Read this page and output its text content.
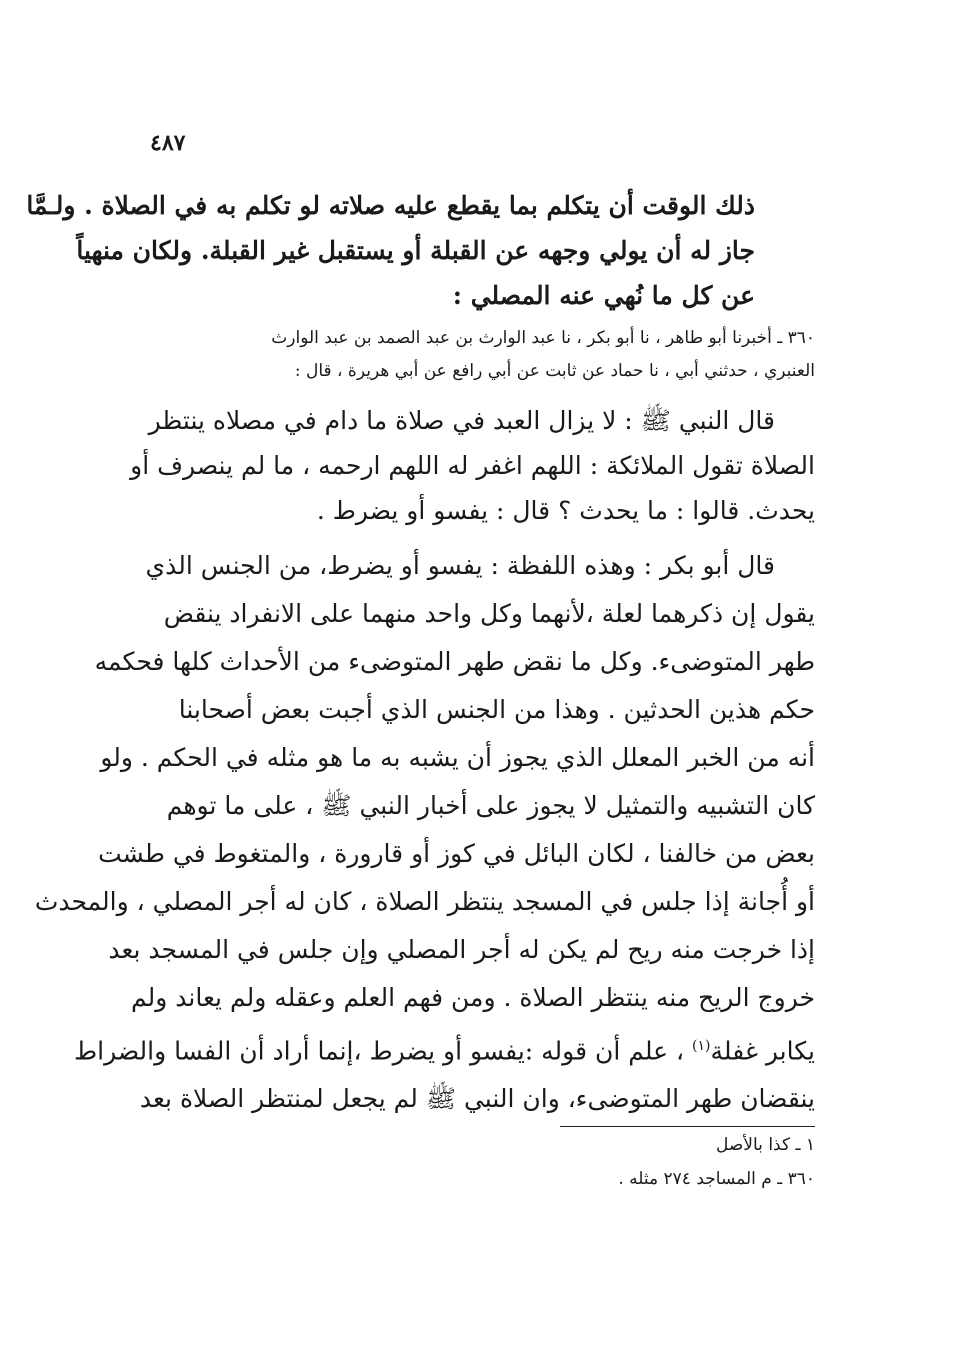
٤٨٧
ذلك الوقت أن يتكلم بما يقطع عليه صلاته لو تكلم به في الصلاة . ولـمَّا
جاز له أن يولي وجهه عن القبلة أو يستقبل غير القبلة. ولكان منهياً
عن كل ما نُهي عنه المصلي :
٣٦٠ ـ أخبرنا أبو طاهر ، نا أبو بكر ، نا عبد الوارث بن عبد الصمد بن عبد الوارث
العنبري ، حدثني أبي ، نا حماد عن ثابت عن أبي رافع عن أبي هريرة ، قال :
قال النبي ﷺ : لا يزال العبد في صلاة ما دام في مصلاه ينتظر
الصلاة تقول الملائكة : اللهم اغفر له اللهم ارحمه ، ما لم ينصرف أو
يحدث. قالوا : ما يحدث ؟ قال : يفسو أو يضرط .
قال أبو بكر : وهذه اللفظة : يفسو أو يضرط، من الجنس الذي
يقول إن ذكرهما لعلة ،لأنهما وكل واحد منهما على الانفراد ينقض
طهر المتوضىء. وكل ما نقض طهر المتوضىء من الأحداث كلها فحكمه
حكم هذين الحدثين . وهذا من الجنس الذي أجبت بعض أصحابنا
أنه من الخبر المعلل الذي يجوز أن يشبه به ما هو مثله في الحكم . ولو
كان التشبيه والتمثيل لا يجوز على أخبار النبي ﷺ ، على ما توهم
بعض من خالفنا ، لكان البائل في كوز أو قارورة ، والمتغوط في طشت
أو أُجانة إذا جلس في المسجد ينتظر الصلاة ، كان له أجر المصلي ، والمحدث
إذا خرجت منه ريح لم يكن له أجر المصلي وإن جلس في المسجد بعد
خروج الريح منه ينتظر الصلاة . ومن فهم العلم وعقله ولم يعاند ولم
يكابر غفلة$^{(١)}$ ، علم أن قوله :يفسو أو يضرط ،إنما أراد أن الفسا والضراط
ينقضان طهر المتوضىء، وان النبي ﷺ لم يجعل لمنتظر الصلاة بعد
١ ـ كذا بالأصل
٣٦٠ ـ م المساجد ٢٧٤ مثله .
